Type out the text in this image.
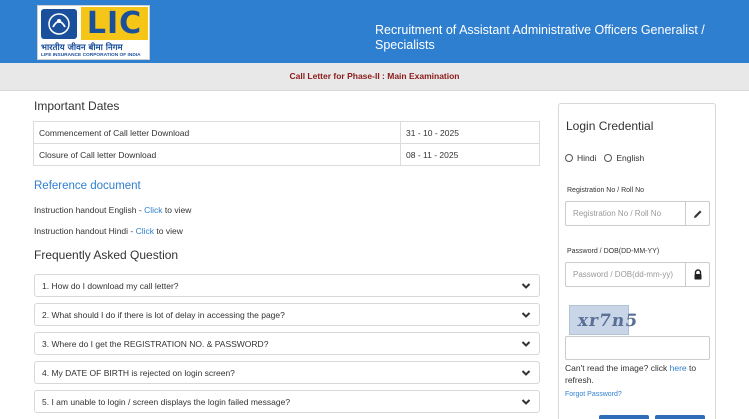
LIC
भारतीय जीवन बीमा निगम
LIFE INSURANCE CORPORATION OF INDIA
Recruitment of Assistant Administrative Officers Generalist / Specialists
Call Letter for Phase-II : Main Examination
Important Dates
Commencement of Call letter Download	31 - 10 - 2025
Closure of Call letter Download	08 - 11 - 2025
Reference document
Instruction handout English - Click to view
Instruction handout Hindi - Click to view
Frequently Asked Question
1. How do I download my call letter?
2. What should I do if there is lot of delay in accessing the page?
3. Where do I get the REGISTRATION NO. & PASSWORD?
4. My DATE OF BIRTH is rejected on login screen?
5. I am unable to login / screen displays the login failed message?
Login Credential
Hindi English
Registration No / Roll No
Registration No / Roll No
Password / DOB(DD-MM-YY)
xr7n5
Can't read the image? click here to refresh.
Forgot Password?
